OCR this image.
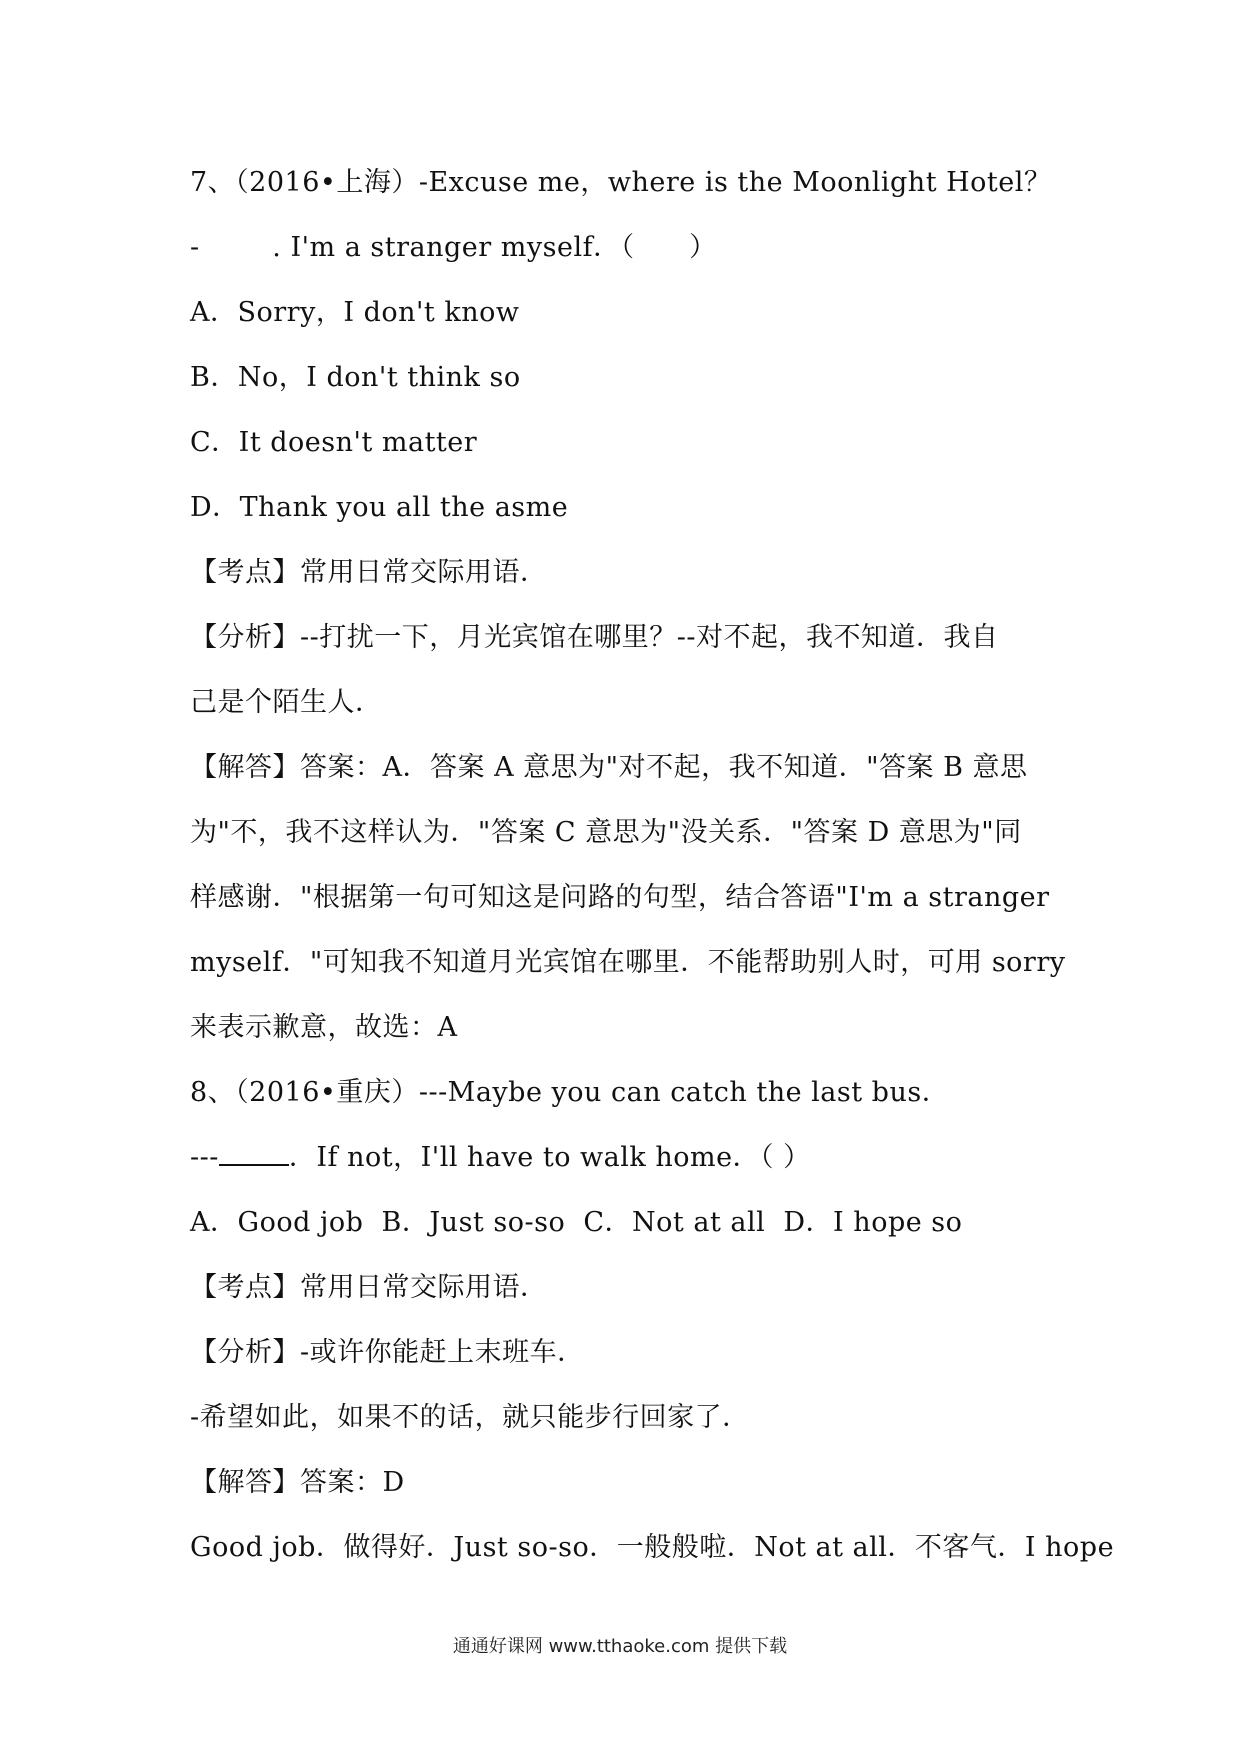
7、（2016•上海）-Excuse me，where is the Moonlight Hotel？
-        . I'm a stranger myself．（      ）
A．Sorry，I don't know
B．No，I don't think so
C．It doesn't matter
D．Thank you all the asme
【考点】常用日常交际用语．
【分析】--打扰一下，月光宾馆在哪里？--对不起，我不知道．我自
己是个陌生人．
【解答】答案：A．答案 A 意思为"对不起，我不知道．"答案 B 意思
为"不，我不这样认为．"答案 C 意思为"没关系．"答案 D 意思为"同
样感谢．"根据第一句可知这是问路的句型，结合答语"I'm a stranger
myself．"可知我不知道月光宾馆在哪里．不能帮助别人时，可用 sorry
来表示歉意，故选：A
8、（2016•重庆）---Maybe you can catch the last bus．
---	．If not，I'll have to walk home．（ ）
A．Good job  B．Just so-so  C．Not at all  D．I hope so
【考点】常用日常交际用语．
【分析】-或许你能赶上末班车．
-希望如此，如果不的话，就只能步行回家了．
【解答】答案：D
Good job．做得好．Just so-so．一般般啦．Not at all．不客气．I hope
通通好课网 www.tthaoke.com 提供下载
